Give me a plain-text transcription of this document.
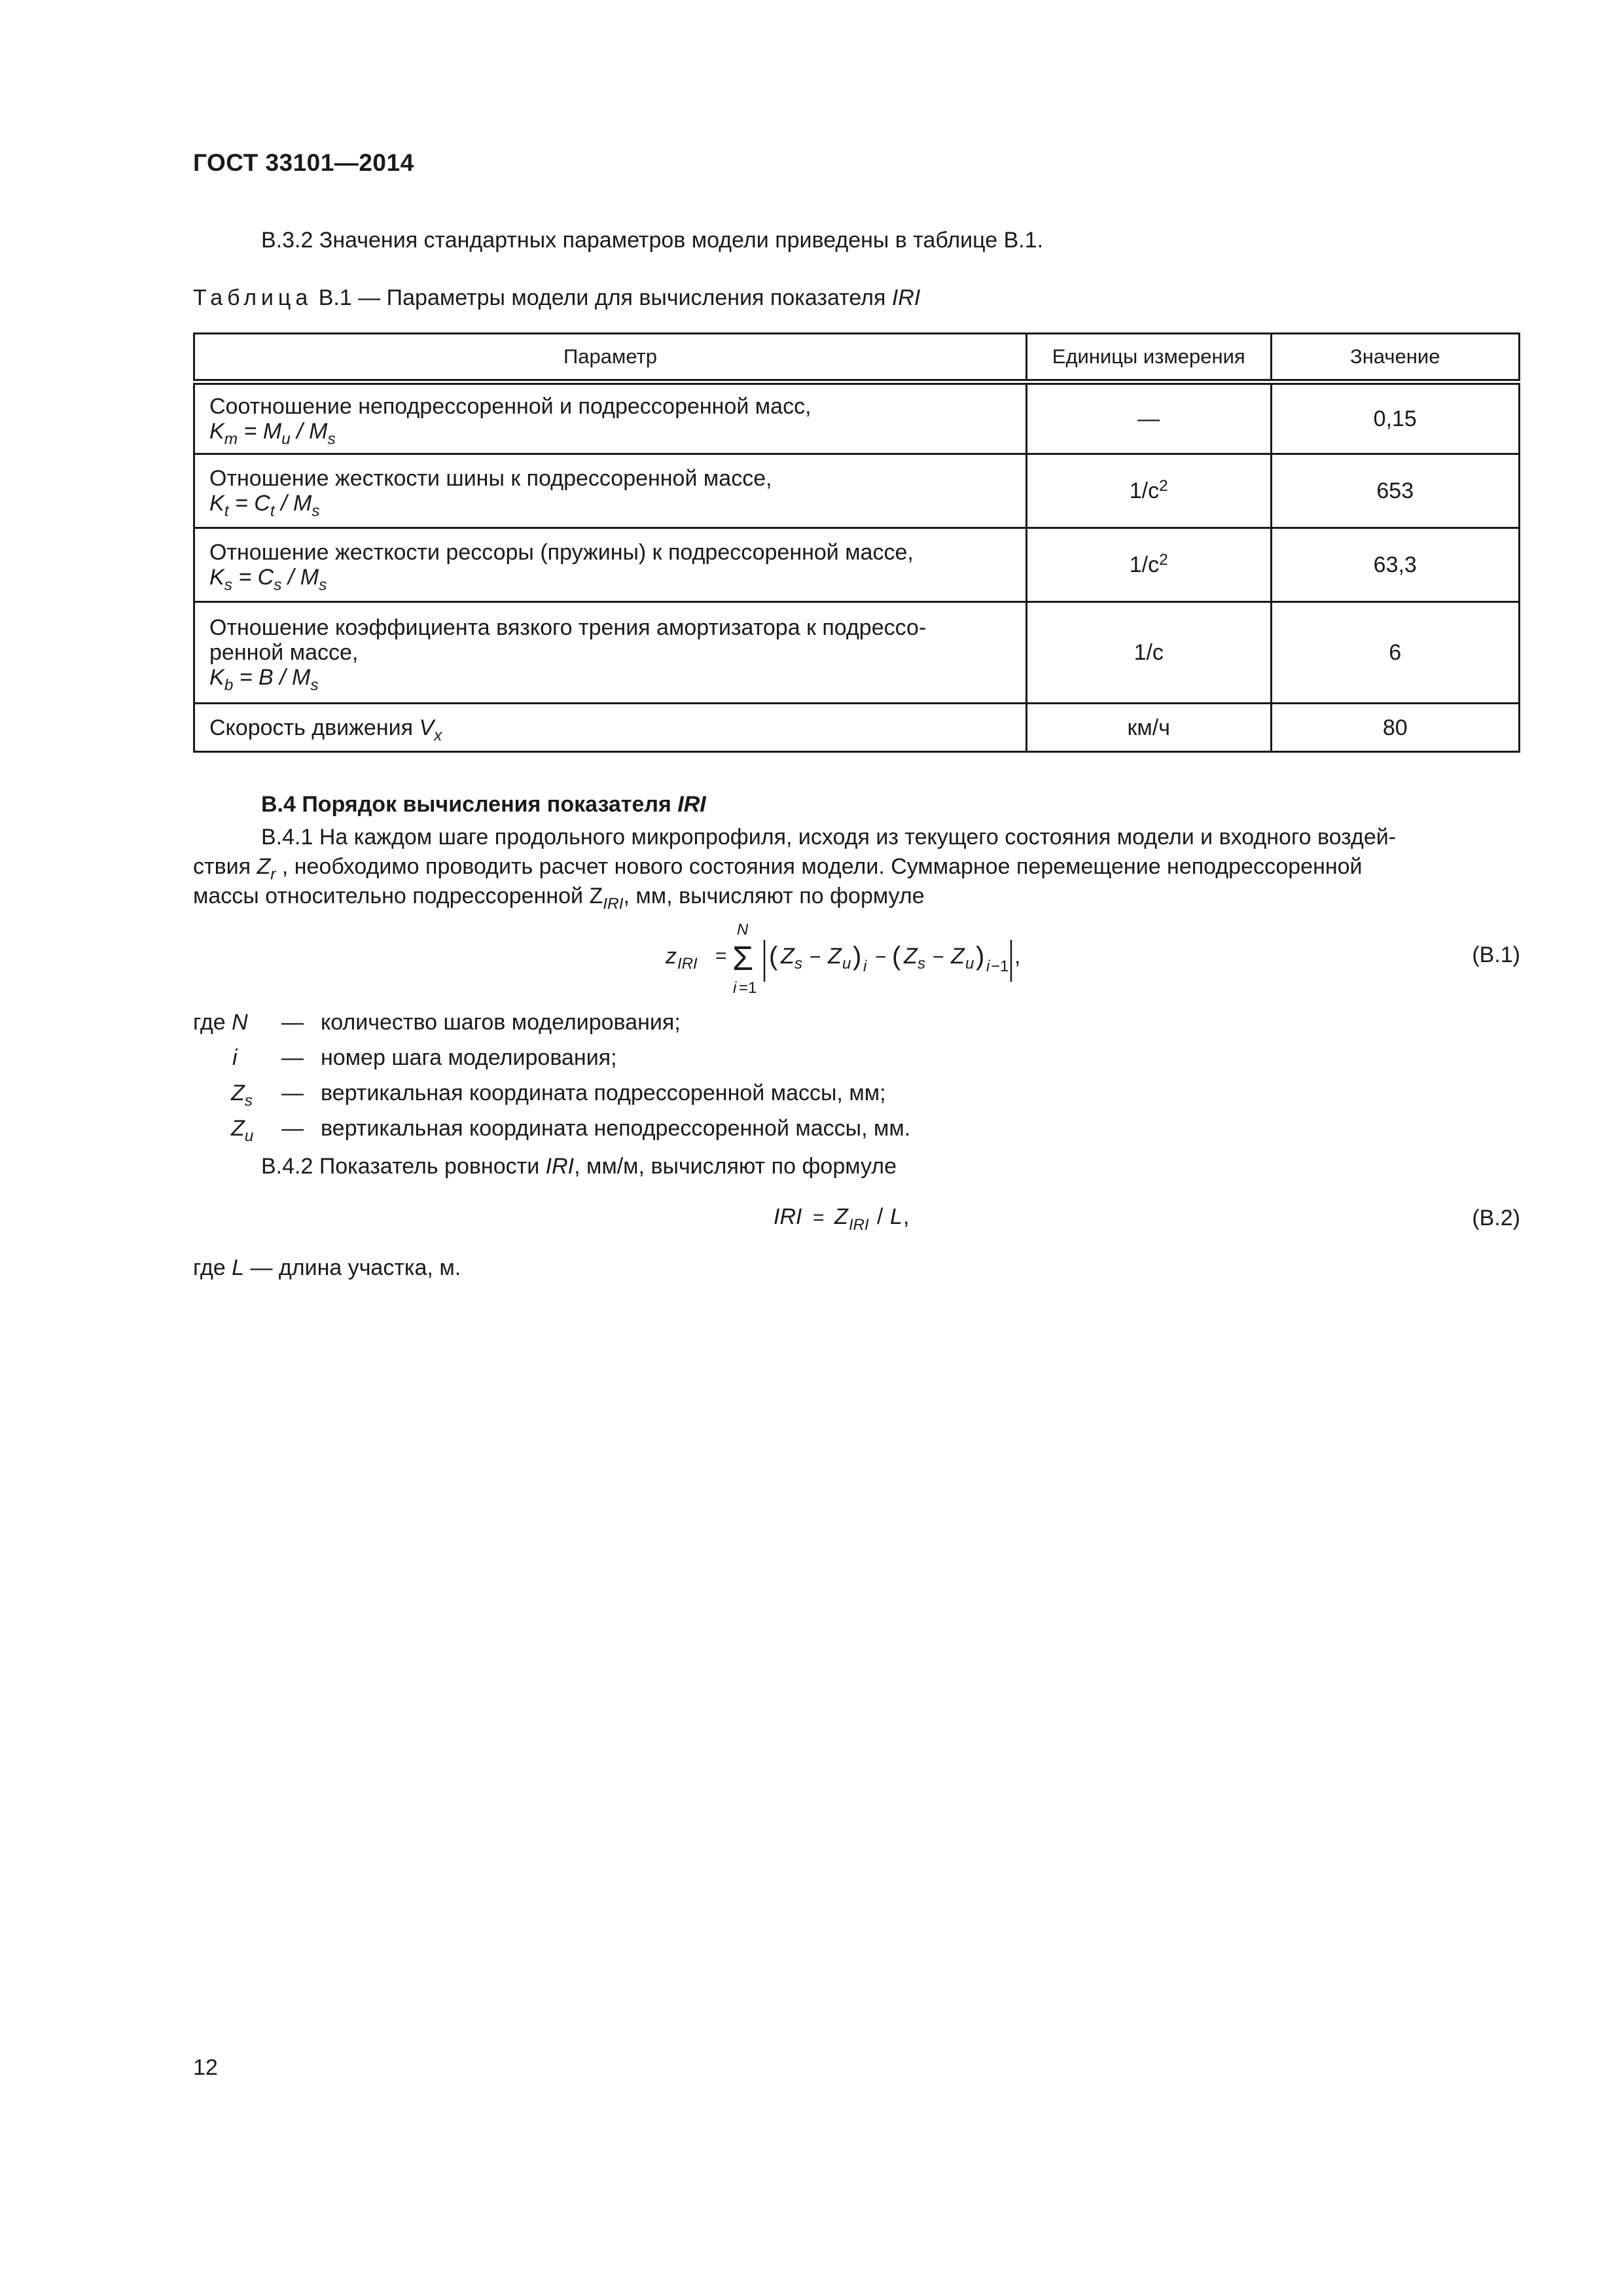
ГОСТ 33101—2014
В.3.2 Значения стандартных параметров модели приведены в таблице В.1.
Таблица В.1 — Параметры модели для вычисления показателя IRI
Параметр	Единицы измерения	Значение

Соотношение неподрессоренной и подрессоренной масс,
$K_m = M_u / M_s$	—	0,15

Отношение жесткости шины к подрессоренной массе,
$K_t = C_t / M_s$	$1/с^2$	653

Отношение жесткости рессоры (пружины) к подрессоренной массе,
$K_s = C_s / M_s$	$1/с^2$	63,3

Отношение коэффициента вязкого трения амортизатора к подрессо-
ренной массе,
$K_b = B / M_s$	1/с	6
Скорость движения $V_x$	км/ч	80
В.4 Порядок вычисления показателя IRI
В.4.1 На каждом шаге продольного микропрофиля, исходя из текущего состояния модели и входного воздей-
ствия $Z_r$ , необходимо проводить расчет нового состояния модели. Суммарное перемещение неподрессоренной
массы относительно подрессоренной $Z_{IRI}$, мм, вычисляют по формуле
z IRI =
N
Σ
i =1
( Z s − Z u ) i − ( Z s − Z u ) i −1 ,	(В.1)
где N — количество шагов моделирования;
i — номер шага моделирования;
$Z_s$ — вертикальная координата подрессоренной массы, мм;
$Z_u$ — вертикальная координата неподрессоренной массы, мм.
В.4.2 Показатель ровности IRI, мм/м, вычисляют по формуле
IRI = Z IRI / L ,	(В.2)
где L — длина участка, м.
12
